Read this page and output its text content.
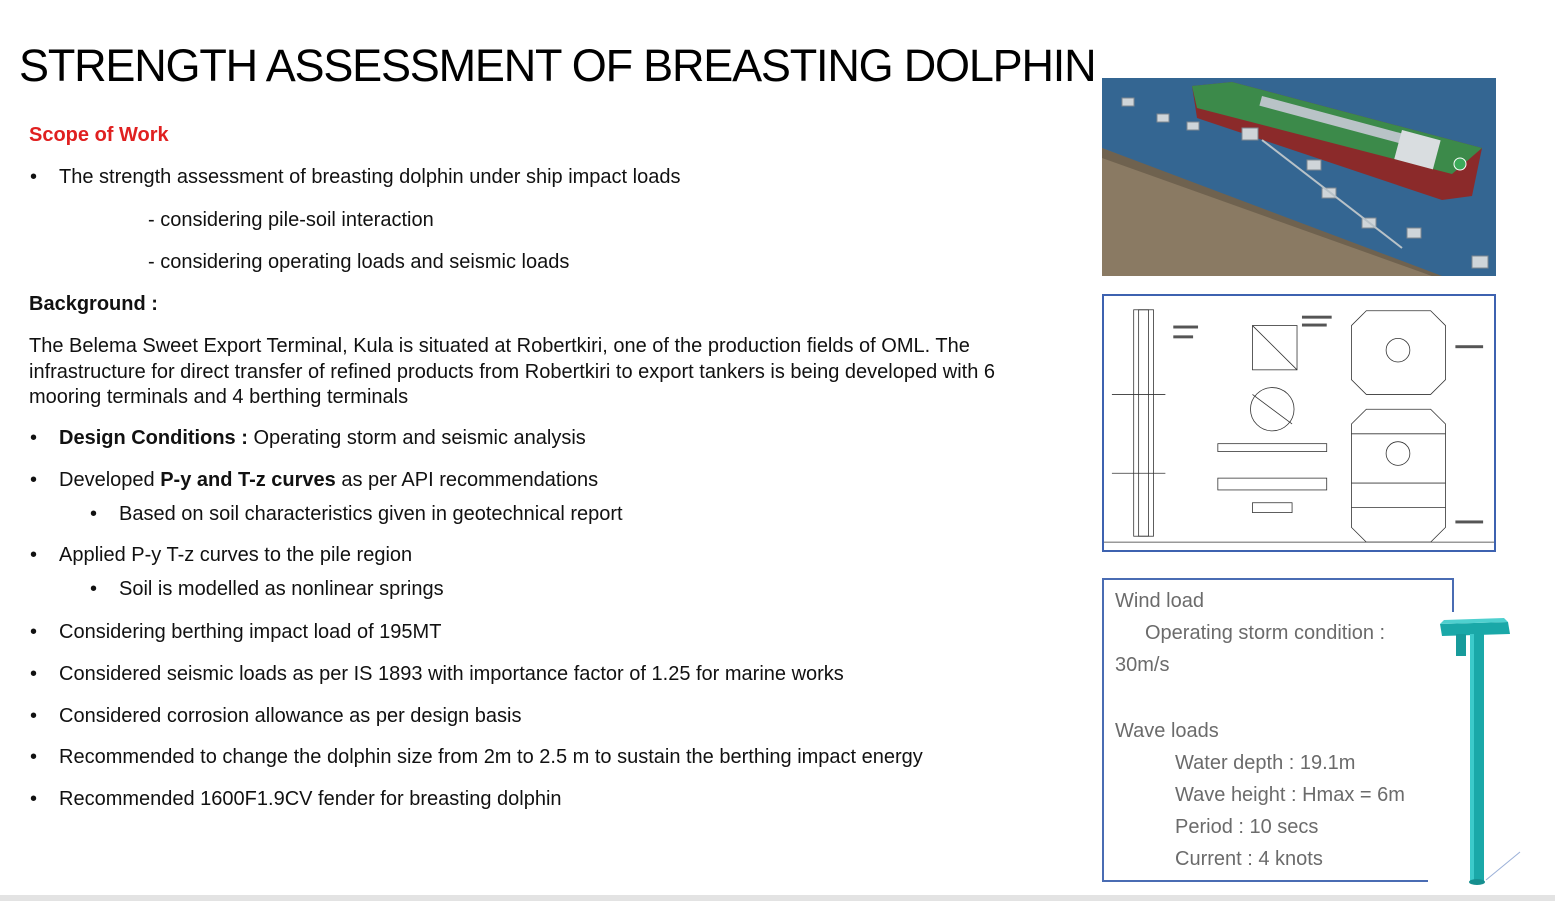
STRENGTH ASSESSMENT OF BREASTING DOLPHIN
Scope of Work
• The strength assessment of breasting dolphin under ship impact loads
- considering pile-soil interaction
- considering operating loads and seismic loads
Background :
The Belema Sweet Export Terminal, Kula is situated at Robertkiri, one of the production fields of OML. The infrastructure for direct transfer of refined products from Robertkiri to export tankers is being developed with 6 mooring terminals and 4 berthing terminals
• Design Conditions : Operating storm and seismic analysis
• Developed P-y and T-z curves as per API recommendations
• Based on soil characteristics given in geotechnical report
• Applied P-y T-z curves to the pile region
• Soil is modelled as nonlinear springs
• Considering berthing impact load of 195MT
• Considered seismic loads as per IS 1893 with importance factor of 1.25 for marine works
• Considered corrosion allowance as per design basis
• Recommended to change the dolphin size from 2m to 2.5 m to sustain the berthing impact energy
• Recommended 1600F1.9CV fender for breasting dolphin
Wind load
Operating storm condition :
30m/s
Wave loads
Water depth : 19.1m
Wave height : Hmax = 6m
Period : 10 secs
Current : 4 knots
